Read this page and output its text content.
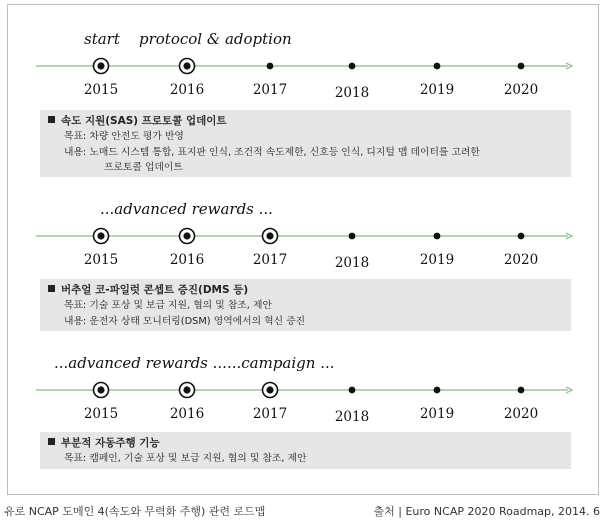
start protocol & adoption
2015	2016	2017	2018	2019	2020
속도 지원(SAS) 프로토콜 업데이트
목표: 차량 안전도 평가 반영
내용: 노매드 시스템 통합, 표지판 인식, 조건적 속도제한, 신호등 인식, 디지털 맵 데이터를 고려한
프로토콜 업데이트
...advanced rewards ...
2015	2016	2017	2018	2019	2020
버추얼 코-파일럿 콘셉트 증진(DMS 등)
목표: 기술 포상 및 보급 지원, 협의 및 참조, 제안
내용: 운전자 상태 모니터링(DSM) 영역에서의 혁신 증진
...advanced rewards ......campaign ...
2015	2016	2017	2018	2019	2020
부분적 자동주행 기능
목표: 캠페인, 기술 포상 및 보급 지원, 협의 및 참조, 제안
유로 NCAP 도메인 4(속도와 무력화 주행) 관련 로드맵	출처 | Euro NCAP 2020 Roadmap, 2014. 6
